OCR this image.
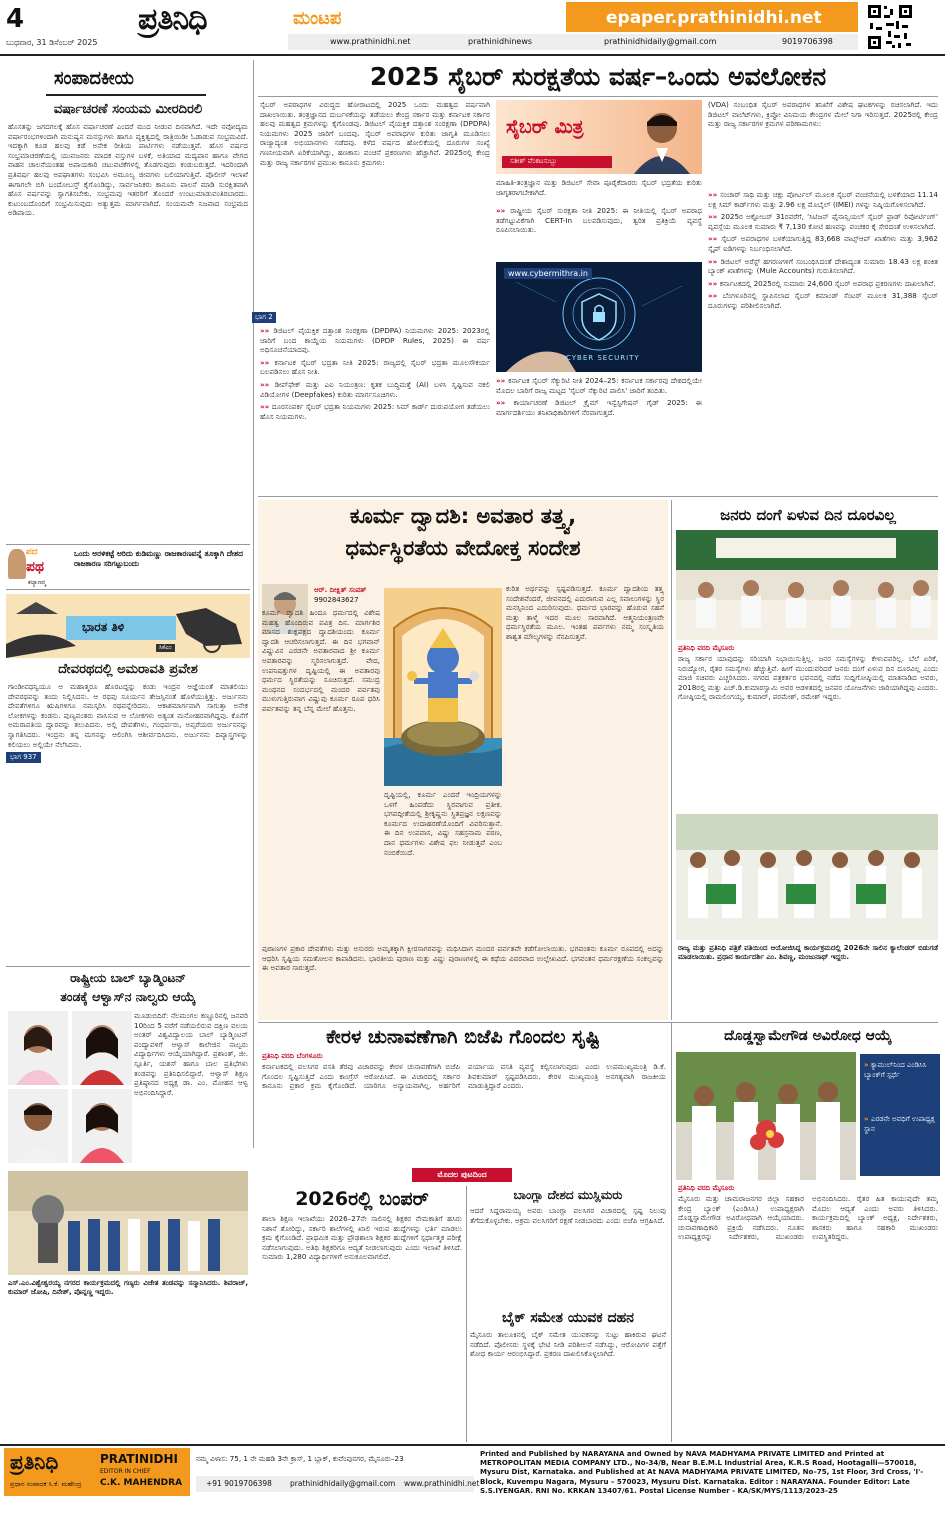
4
ಬುಧವಾರ, 31 ಡಿಸೆಂಬರ್ 2025
ಪ್ರತಿನಿಧಿ	ಮಂಟಪ
www.prathinidhi.net	prathinidhinews	prathinidhidaily@gmail.com	9019706398
epaper.prathinidhi.net
ಸಂಪಾದಕೀಯ
ವರ್ಷಾಚರಣೆ ಸಂಯಮ ಮೀರದಿರಲಿ
ಹೊಸತನ್ನು ಜಗದಗಲಕ್ಕೆ ಹೊಸ ವರ್ಷಾಚರಣೆ ಎಂದರೆ ಮುದ ನೀಡುವ ದಿನವಾಗಿದೆ. ಇದೇ ನವೋದ್ಯಮ ವರ್ಷಾರಂಭಗಳಿಂದಾಗಿ ಮನುಷ್ಯನ ಮನಸ್ಸುಗಳು ಹಾಗೂ ವ್ಯಕ್ತಿತ್ವದಲ್ಲಿ ರಾತ್ರಿಯಿಡೀ ಓಡಾಡುವ ಸಂಭ್ರಮವಿದೆ. ಇದಕ್ಕಾಗಿ ಕೂಡ ಹಲವು ಕಡೆ ಅನೇಕ ರೀತಿಯ ಪಾರ್ಟಿಗಳು ನಡೆಯುತ್ತವೆ. ಹೊಸ ವರ್ಷದ ಸಂಭ್ರಮಾಚರಣೆಯಲ್ಲಿ ಯುವಜನರು ಮಾದಕ ವಸ್ತುಗಳ ಬಳಕೆ, ಅತಿಯಾದ ಮದ್ಯಪಾನ ಹಾಗೂ ವೇಗದ ವಾಹನ ಚಾಲನೆಯಂತಹ ಅಪಾಯಕಾರಿ ಚಟುವಟಿಕೆಗಳಲ್ಲಿ ತೊಡಗುವುದು ಕಂಡುಬರುತ್ತದೆ. ಇದರಿಂದಾಗಿ ಪ್ರತಿವರ್ಷ ಹಲವು ಅಪಘಾತಗಳು ಸಂಭವಿಸಿ ಅಮೂಲ್ಯ ಜೀವಗಳು ಬಲಿಯಾಗುತ್ತಿವೆ. ಪೊಲೀಸ್ ಇಲಾಖೆ ಈಗಾಗಲೇ ಬಿಗಿ ಬಂದೋಬಸ್ತ್ ಕೈಗೊಂಡಿದ್ದು, ಸಾರ್ವಜನಿಕರು ಕಾನೂನು ಪಾಲನೆ ಮಾಡಿ ಸುರಕ್ಷಿತವಾಗಿ ಹೊಸ ವರ್ಷವನ್ನು ಸ್ವಾಗತಿಸಬೇಕು. ಸಂಭ್ರಮವು ಇತರರಿಗೆ ತೊಂದರೆ ಉಂಟುಮಾಡುವಂತಿರಬಾರದು. ಕುಟುಂಬದೊಂದಿಗೆ ಸಂಭ್ರಮಿಸುವುದು ಅತ್ಯುತ್ತಮ ಮಾರ್ಗವಾಗಿದೆ. ಸಂಯಮವೇ ನಿಜವಾದ ಸಂಭ್ರಮದ ಅಡಿಪಾಯ.
ಪದ
ಪಥ
ಕಲ್ಯಾಣನ್ಮ
ಒಂದು ಅರಳಿಕಟ್ಟೆ ಅರಿದು ಕುಡಿಮಣ್ಣು ರಾಜಕಾರಣವನ್ನೆ ತೂಕ್ಕಾಗಿ ದೇಶದ ರಾಜಕಾರಣ ಸರಿಗಟ್ಟುಬಂದು
ಭಾರತ ತಿಳಿ
ಸಿಕೆಎಂ
ದೇವರಥದಲ್ಲಿ ಅಮರಾವತಿ ಪ್ರವೇಶ
ಭಾಗ 937
ಗಾಂಡೀವಧನ್ವಿಯೂ ಆ ಮಹಾತ್ಮರೂ ಹೊರಟದ್ದನ್ನು ಕಂಡು ಇಂದ್ರನ ಆಜ್ಞೆಯಂತೆ ಮಾತಲಿಯು ದೇವರಥವನ್ನು ತಂದು ನಿಲ್ಲಿಸಿದನು. ಆ ರಥವು ಸೂರ್ಯನ ತೇಜಸ್ಸಿನಂತೆ ಹೊಳೆಯುತ್ತಿತ್ತು. ಅರ್ಜುನನು ದೇವತೆಗಳಿಗೂ ಋಷಿಗಳಿಗೂ ನಮಸ್ಕರಿಸಿ ರಥವನ್ನೇರಿದನು. ಆಕಾಶಮಾರ್ಗವಾಗಿ ಸಾಗುತ್ತಾ ಅನೇಕ ಲೋಕಗಳನ್ನು ಕಂಡನು. ಪುಣ್ಯವಂತರು ವಾಸಿಸುವ ಆ ಲೋಕಗಳು ಅತ್ಯಂತ ಮನೋಹರವಾಗಿದ್ದವು. ಕೊನೆಗೆ ಅಮರಾವತಿಯ ದ್ವಾರವನ್ನು ತಲುಪಿದನು. ಅಲ್ಲಿ ದೇವತೆಗಳು, ಗಂಧರ್ವರು, ಅಪ್ಸರೆಯರು ಅರ್ಜುನನನ್ನು ಸ್ವಾಗತಿಸಿದರು. ಇಂದ್ರನು ತನ್ನ ಮಗನನ್ನು ಆಲಿಂಗಿಸಿ ಆಶೀರ್ವದಿಸಿದನು. ಅರ್ಜುನನು ದಿವ್ಯಾಸ್ತ್ರಗಳನ್ನು ಕಲಿಯಲು ಅಲ್ಲಿಯೇ ನೆಲೆಸಿದನು.
ರಾಷ್ಟ್ರೀಯ ಬಾಲ್ ಬ್ಯಾಡ್ಮಿಂಟನ್
ತಂಡಕ್ಕೆ ಆಳ್ವಾಸ್‌ನ ನಾಲ್ವರು ಆಯ್ಕೆ
ಮೂಡುಬಿದಿರೆ: ನೆಲಮಂಗಲ ಕಣ್ಣೂರಿನಲ್ಲಿ ಜನವರಿ 10ರಿಂದ 5 ವರೆಗೆ ನಡೆಯಲಿರುವ ದಕ್ಷಿಣ ವಲಯ ಅಂತರ್ ವಿಶ್ವವಿದ್ಯಾಲಯ ಬಾಲ್ ಬ್ಯಾಡ್ಮಿಂಟನ್ ಪಂದ್ಯಾವಳಿಗೆ ಆಳ್ವಾಸ್ ಕಾಲೇಜಿನ ನಾಲ್ವರು ವಿದ್ಯಾರ್ಥಿಗಳು ಆಯ್ಕೆಯಾಗಿದ್ದಾರೆ. ಪ್ರಶಾಂತ್, ಜೀ. ಸ್ಪೂರ್ತಿ, ಯಶಸ್ ಹಾಗೂ ಬಾಲ ಪ್ರತಿಭೆಗಳು ತಂಡವನ್ನು ಪ್ರತಿನಿಧಿಸಲಿದ್ದಾರೆ. ಆಳ್ವಾಸ್ ಶಿಕ್ಷಣ ಪ್ರತಿಷ್ಠಾನದ ಅಧ್ಯಕ್ಷ ಡಾ. ಎಂ. ಮೋಹನ ಆಳ್ವ ಅಭಿನಂದಿಸಿದ್ದಾರೆ.
ಎಸ್.ಎಂ.ವಿಶ್ವೇಶ್ವರಯ್ಯ ನಗರದ ಕಾರ್ಯಕ್ರಮದಲ್ಲಿ ಗಣ್ಯರು ವಿಜೇತ ತಂಡವನ್ನು ಸನ್ಮಾನಿಸಿದರು. ಶಿವರಾಜ್, ಕುಮಾರ್ ಜೋಷಿ, ದಿನೇಶ್, ಪೊನ್ನಣ್ಣ ಇದ್ದರು.
2025 ಸೈಬರ್ ಸುರಕ್ಷತೆಯ ವರ್ಷ–ಒಂದು ಅವಲೋಕನ
ಸೈಬರ್ ಅಪರಾಧಗಳ ವಿರುದ್ಧದ ಹೋರಾಟದಲ್ಲಿ 2025 ಒಂದು ಮಹತ್ವದ ವರ್ಷವಾಗಿ ದಾಖಲಾಯಿತು. ತಂತ್ರಜ್ಞಾನದ ದುರ್ಬಳಕೆಯನ್ನು ತಡೆಯಲು ಕೇಂದ್ರ ಸರ್ಕಾರ ಮತ್ತು ಕರ್ನಾಟಕ ಸರ್ಕಾರ ಹಲವು ಮಹತ್ವದ ಕ್ರಮಗಳನ್ನು ಕೈಗೊಂಡವು. ಡಿಜಿಟಲ್ ವೈಯಕ್ತಿಕ ದತ್ತಾಂಶ ಸಂರಕ್ಷಣಾ (DPDPA) ನಿಯಮಗಳು 2025 ಜಾರಿಗೆ ಬಂದವು. ಸೈಬರ್ ಅಪರಾಧಗಳ ಕುರಿತು ಜಾಗೃತಿ ಮೂಡಿಸಲು ರಾಜ್ಯಾದ್ಯಂತ ಅಭಿಯಾನಗಳು ನಡೆದವು. ಕಳೆದ ವರ್ಷದ ಹೋಲಿಕೆಯಲ್ಲಿ ದೂರುಗಳ ಸಂಖ್ಯೆ ಗಣನೀಯವಾಗಿ ಏರಿಕೆಯಾಗಿದ್ದು, ಹಣಕಾಸು ವಂಚನೆ ಪ್ರಕರಣಗಳು ಹೆಚ್ಚಾಗಿವೆ. 2025ರಲ್ಲಿ ಕೇಂದ್ರ ಮತ್ತು ರಾಜ್ಯ ಸರ್ಕಾರಗಳ ಪ್ರಮುಖ ಕಾನೂನು ಕ್ರಮಗಳು:
»» ಡಿಜಿಟಲ್ ವೈಯಕ್ತಿಕ ದತ್ತಾಂಶ ಸಂರಕ್ಷಣಾ (DPDPA) ನಿಯಮಗಳು 2025: 2023ರಲ್ಲಿ ಜಾರಿಗೆ ಬಂದ ಕಾಯ್ದೆಯ ನಿಯಮಗಳು (DPDP Rules, 2025) ಈ ವರ್ಷ ಅಧಿಸೂಚನೆಯಾದವು.
»» ಕರ್ನಾಟಕ ಸೈಬರ್ ಭದ್ರತಾ ನೀತಿ 2025: ರಾಜ್ಯದಲ್ಲಿ ಸೈಬರ್ ಭದ್ರತಾ ಮೂಲಸೌಕರ್ಯ ಬಲಪಡಿಸಲು ಹೊಸ ನೀತಿ.
»» ಡೀಪ್‌ಫೇಕ್ ಮತ್ತು ಎಐ ನಿಯಂತ್ರಣ: ಕೃತಕ ಬುದ್ಧಿಮತ್ತೆ (AI) ಬಳಸಿ ಸೃಷ್ಟಿಸುವ ನಕಲಿ ವಿಡಿಯೋಗಳ (Deepfakes) ಕುರಿತು ಮಾರ್ಗಸೂಚಿಗಳು.
»» ದೂರಸಂಪರ್ಕ ಸೈಬರ್ ಭದ್ರತಾ ನಿಯಮಗಳು 2025: ಸಿಮ್ ಕಾರ್ಡ್ ದುರುಪಯೋಗ ತಡೆಯಲು ಹೊಸ ನಿಯಮಗಳು.
ಭಾಗ 2
ಸೈಬರ್ ಮಿತ್ರ
ಸತೀಶ್ ವೆಂಕಟಸುಬ್ಬು
ಮಾಹಿತಿ-ತಂತ್ರಜ್ಞಾನ ಮತ್ತು ಡಿಜಿಟಲ್ ಸೇವಾ ಪೂರೈಕೆದಾರರು ಸೈಬರ್ ಭದ್ರತೆಯ ಕುರಿತು ಜಾಗೃತರಾಗಬೇಕಾಗಿದೆ.
»» ರಾಷ್ಟ್ರೀಯ ಸೈಬರ್ ಸುರಕ್ಷತಾ ನೀತಿ 2025: ಈ ನೀತಿಯಲ್ಲಿ ಸೈಬರ್ ಅಪರಾಧ ತಡೆಗಟ್ಟುವಿಕೆಗಾಗಿ CERT-In ಬಲಪಡಿಸುವುದು, ತ್ವರಿತ ಪ್ರತಿಕ್ರಿಯೆ ವ್ಯವಸ್ಥೆ ರೂಪಿಸಲಾಯಿತು.
www.cybermithra.in
CYBER SECURITY
»» ಕರ್ನಾಟಕ ಸೈಬರ್ ಸೆಕ್ಯುರಿಟಿ ನೀತಿ 2024–25: ಕರ್ನಾಟಕ ಸರ್ಕಾರವು ದೇಶದಲ್ಲಿಯೇ ಮೊದಲ ಬಾರಿಗೆ ರಾಜ್ಯ ಮಟ್ಟದ 'ಸೈಬರ್ ಸೆಕ್ಯುರಿಟಿ ಪಾಲಿಸಿ' ಜಾರಿಗೆ ತಂದಿತು.
»» ಕಾರ್ಯಾಚರಣೆ ಡಿಜಿಟಲ್ ಕ್ರೈಮ್ ಇನ್ವೆಸ್ಟಿಗೇಷನ್ ಗೈಡ್ 2025: ಈ ಮಾರ್ಗದರ್ಶಿಯು ತನಿಖಾಧಿಕಾರಿಗಳಿಗೆ ನೆರವಾಗುತ್ತದೆ.
(VDA) ಸಂಬಂಧಿತ ಸೈಬರ್ ಅಪರಾಧಗಳ ತನಿಖೆಗೆ ವಿಶೇಷ ಘಟಕಗಳನ್ನು ರಚಿಸಲಾಗಿದೆ. ಇದು ಡಿಜಿಟಲ್ ವಾಲೆಟ್‌ಗಳು, ಕ್ರಿಪ್ಟೋ ವಿನಿಮಯ ಕೇಂದ್ರಗಳ ಮೇಲೆ ನಿಗಾ ಇರಿಸುತ್ತದೆ. 2025ರಲ್ಲಿ ಕೇಂದ್ರ ಮತ್ತು ರಾಜ್ಯ ಸರ್ಕಾರಗಳ ಕ್ರಮಗಳ ಪರಿಣಾಮಗಳು:
»» ಸಂಚಾರ್ ಸಾಥಿ ಮತ್ತು ಚಕ್ಷು ಪೋರ್ಟಲ್ ಮೂಲಕ ಸೈಬರ್ ವಂಚನೆಯಲ್ಲಿ ಬಳಕೆಯಾದ 11.14 ಲಕ್ಷ ಸಿಮ್ ಕಾರ್ಡ್‌ಗಳು ಮತ್ತು 2.96 ಲಕ್ಷ ಮೊಬೈಲ್ (IMEI) ಗಳನ್ನು ನಿಷ್ಕ್ರಿಯಗೊಳಿಸಲಾಗಿದೆ.
»» 2025ರ ಅಕ್ಟೋಬರ್ 31ರವರೆಗೆ, 'ಸಿಟಿಜನ್ ಫೈನಾನ್ಷಿಯಲ್ ಸೈಬರ್ ಫ್ರಾಡ್ ರಿಪೋರ್ಟಿಂಗ್' ವ್ಯವಸ್ಥೆಯ ಮೂಲಕ ಸುಮಾರು ₹ 7,130 ಕೋಟಿ ಹಣವನ್ನು ವಂಚಕರ ಕೈ ಸೇರದಂತೆ ಉಳಿಸಲಾಗಿದೆ.
»» ಸೈಬರ್ ಅಪರಾಧಗಳ ಬಳಕೆಯಾಗುತ್ತಿದ್ದ 83,668 ವಾಟ್ಸ್ಆಪ್ ಖಾತೆಗಳು ಮತ್ತು 3,962 ಸ್ಕೈಪ್ ಐಡಿಗಳನ್ನು ನಿರ್ಬಂಧಿಸಲಾಗಿದೆ.
»» ಡಿಜಿಟಲ್ ಅರೆಸ್ಟ್ ಹಗರಣಗಳಿಗೆ ಸಂಬಂಧಿಸಿದಂತೆ ದೇಶಾದ್ಯಂತ ಸುಮಾರು 18.43 ಲಕ್ಷ ಶಂಕಿತ ಬ್ಯಾಂಕ್ ಖಾತೆಗಳನ್ನು (Mule Accounts) ಗುರುತಿಸಲಾಗಿದೆ.
»» ಕರ್ನಾಟಕದಲ್ಲಿ 2025ರಲ್ಲಿ ಸುಮಾರು 24,600 ಸೈಬರ್ ಅಪರಾಧ ಪ್ರಕರಣಗಳು ದಾಖಲಾಗಿವೆ.
»» ಬೆಂಗಳೂರಿನಲ್ಲಿ ಸ್ಥಾಪಿಸಲಾದ ಸೈಬರ್ ಕಮಾಂಡ್ ಸೆಂಟರ್ ಮೂಲಕ 31,388 ಸೈಬರ್ ದೂರುಗಳನ್ನು ಪರಿಶೀಲಿಸಲಾಗಿದೆ.
ಕೂರ್ಮ ದ್ವಾದಶಿ: ಅವತಾರ ತತ್ತ್ವ,
ಧರ್ಮಸ್ಥಿರತೆಯ ವೇದೋಕ್ತ ಸಂದೇಶ
ಆರ್. ದೀಕ್ಷಿತ್ ಸಂಪತ್
9902843627
ಕೂರ್ಮ ದ್ವಾದಶಿ ಹಿಂದೂ ಧರ್ಮದಲ್ಲಿ ವಿಶೇಷ ಮಹತ್ವ ಹೊಂದಿರುವ ಪವಿತ್ರ ದಿನ. ಮಾರ್ಗಶಿರ ಮಾಸದ ಶುಕ್ಲಪಕ್ಷದ ದ್ವಾದಶಿಯಂದು ಕೂರ್ಮ ದ್ವಾದಶಿ ಆಚರಿಸಲಾಗುತ್ತದೆ. ಈ ದಿನ ಭಗವಾನ್ ವಿಷ್ಣುವಿನ ಎರಡನೇ ಅವತಾರವಾದ ಶ್ರೀ ಕೂರ್ಮ ಅವತಾರವನ್ನು ಸ್ಮರಿಸಲಾಗುತ್ತದೆ. ವೇದ, ಉಪನಿಷತ್ತುಗಳ ದೃಷ್ಟಿಯಲ್ಲಿ ಈ ಅವತಾರವು ಧರ್ಮದ ಸ್ಥಿರತೆಯನ್ನು ಸೂಚಿಸುತ್ತದೆ. ಸಮುದ್ರ ಮಂಥನದ ಸಂದರ್ಭದಲ್ಲಿ ಮಂದರ ಪರ್ವತವು ಮುಳುಗುತ್ತಿರುವಾಗ ವಿಷ್ಣುವು ಕೂರ್ಮ ರೂಪ ಧರಿಸಿ ಪರ್ವತವನ್ನು ತನ್ನ ಬೆನ್ನ ಮೇಲೆ ಹೊತ್ತನು.
ದೃಷ್ಟಿಯಲ್ಲಿ, ಕೂರ್ಮ ಎಂದರೆ ಇಂದ್ರಿಯಗಳನ್ನು ಒಳಗೆ ಹಿಂಪಡೆದು ಸ್ಥಿರವಾಗುವ ಪ್ರತೀಕ. ಭಗವದ್ಗೀತೆಯಲ್ಲಿ ಶ್ರೀಕೃಷ್ಣನು ಸ್ಥಿತಪ್ರಜ್ಞನ ಲಕ್ಷಣವನ್ನು ಕೂರ್ಮದ ಉದಾಹರಣೆಯೊಂದಿಗೆ ವಿವರಿಸುತ್ತಾನೆ. ಈ ದಿನ ಉಪವಾಸ, ವಿಷ್ಣು ಸಹಸ್ರನಾಮ ಪಠಣ, ದಾನ ಧರ್ಮಗಳು ವಿಶೇಷ ಫಲ ನೀಡುತ್ತವೆ ಎಂಬ ನಂಬಿಕೆಯಿದೆ.
ಕುರಿತ ಅರ್ಥವನ್ನು ಸ್ಪಷ್ಟಪಡಿಸುತ್ತದೆ. ಕೂರ್ಮ ದ್ವಾದಶಿಯ ತತ್ತ್ವ ಸಂದೇಶವೆಂದರೆ, ಜೀವನದಲ್ಲಿ ಎದುರಾಗುವ ಎಲ್ಲ ಸವಾಲುಗಳನ್ನು ಸ್ಥಿರ ಮನಸ್ಸಿನಿಂದ ಎದುರಿಸುವುದು. ಧರ್ಮದ ಭಾರವನ್ನು ಹೊರುವ ಸಹನೆ ಮತ್ತು ತಾಳ್ಮೆ ಇದರ ಮೂಲ ಸಾರವಾಗಿದೆ. ಆತ್ಮನಿಯಂತ್ರಣವೇ ಧರ್ಮಸ್ಥಿರತೆಯ ಮೂಲ. ಇಂತಹ ಪರ್ವಗಳು ನಮ್ಮ ಸಂಸ್ಕೃತಿಯ ಶಾಶ್ವತ ಮೌಲ್ಯಗಳನ್ನು ನೆನಪಿಸುತ್ತವೆ.
ಪುರಾಣಗಳ ಪ್ರಕಾರ ದೇವತೆಗಳು ಮತ್ತು ಅಸುರರು ಅಮೃತಕ್ಕಾಗಿ ಕ್ಷೀರಸಾಗರವನ್ನು ಮಥಿಸಿದಾಗ ಮಂದರ ಪರ್ವತವೇ ಕಡೆಗೋಲಾಯಿತು. ಭಗವಂತನು ಕೂರ್ಮ ರೂಪದಲ್ಲಿ ಅದನ್ನು ಆಧರಿಸಿ ಸೃಷ್ಟಿಯ ಸಮತೋಲನ ಕಾಪಾಡಿದನು. ಭಾರತೀಯ ಪುರಾಣ ಮತ್ತು ವಿಷ್ಣು ಪುರಾಣಗಳಲ್ಲಿ ಈ ಕಥೆಯ ವಿವರವಾದ ಉಲ್ಲೇಖವಿದೆ. ಭಗವಂತನ ಧರ್ಮರಕ್ಷಣೆಯ ಸಂಕಲ್ಪವನ್ನು ಈ ಅವತಾರ ಸಾರುತ್ತದೆ.
ಜನರು ದಂಗೆ ಏಳುವ ದಿನ ದೂರವಿಲ್ಲ
ಪ್ರತಿನಿಧಿ ವರದಿ ಮೈಸೂರು
ರಾಜ್ಯ ಸರ್ಕಾರ ಯಾವುದನ್ನು ಸರಿಯಾಗಿ ನಿಭಾಯಿಸುತ್ತಿಲ್ಲ. ಜನರ ಸಮಸ್ಯೆಗಳನ್ನು ಕೇಳುವವರಿಲ್ಲ. ಬೆಲೆ ಏರಿಕೆ, ನಿರುದ್ಯೋಗ, ರೈತರ ಸಮಸ್ಯೆಗಳು ಹೆಚ್ಚುತ್ತಿವೆ. ಹೀಗೆ ಮುಂದುವರಿದರೆ ಜನರು ದಂಗೆ ಏಳುವ ದಿನ ದೂರವಿಲ್ಲ ಎಂದು ಮಾಜಿ ಸಚಿವರು ಎಚ್ಚರಿಸಿದರು. ನಗರದ ಪತ್ರಕರ್ತರ ಭವನದಲ್ಲಿ ನಡೆದ ಸುದ್ದಿಗೋಷ್ಠಿಯಲ್ಲಿ ಮಾತನಾಡಿದ ಅವರು, 2018ರಲ್ಲಿ ಮತ್ತು ಎಚ್.ಡಿ.ಕುಮಾರಸ್ವಾಮಿ ಅವರ ಆಡಳಿತದಲ್ಲಿ ಜನಪರ ಯೋಜನೆಗಳು ಜಾರಿಯಾಗಿದ್ದವು ಎಂದರು. ಗೋಷ್ಠಿಯಲ್ಲಿ ರಾಮಲಿಂಗಯ್ಯ, ಕುಮಾರ್, ಪರಮೇಶ್, ರಮೇಶ್ ಇದ್ದರು.
ರಾಜ್ಯ ಮತ್ತು ಪ್ರತಿನಿಧಿ ಪತ್ರಿಕೆ ವತಿಯಿಂದ ಆಯೋಜಿಸಿದ್ದ ಕಾರ್ಯಕ್ರಮದಲ್ಲಿ 2026ನೇ ಸಾಲಿನ ಕ್ಯಾಲೆಂಡರ್ ಬಿಡುಗಡೆ ಮಾಡಲಾಯಿತು. ಪ್ರಧಾನ ಕಾರ್ಯದರ್ಶಿ ಎಂ. ಶಿವಣ್ಣ, ಮಂಜುನಾಥ್ ಇದ್ದರು.
ಕೇರಳ ಚುನಾವಣೆಗಾಗಿ ಬಿಜೆಪಿ ಗೊಂದಲ ಸೃಷ್ಟಿ
ಪ್ರತಿನಿಧಿ ವರದಿ ಬೆಂಗಳೂರು
ಕರ್ನಾಟಕದಲ್ಲಿ ವಲಸಿಗರ ವಸತಿ ತೆರವು ವಿಚಾರವನ್ನು ಕೇರಳ ಚುನಾವಣೆಗಾಗಿ ಬಿಜೆಪಿ ಗೊಂದಲ ಸೃಷ್ಟಿಸುತ್ತಿದೆ ಎಂದು ಕಾಂಗ್ರೆಸ್ ಆರೋಪಿಸಿದೆ. ಈ ವಿಚಾರದಲ್ಲಿ ಸರ್ಕಾರ ಕಾನೂನು ಪ್ರಕಾರ ಕ್ರಮ ಕೈಗೊಂಡಿದೆ. ಯಾರಿಗೂ ಅನ್ಯಾಯವಾಗಿಲ್ಲ. ಅರ್ಹರಿಗೆ ಪರ್ಯಾಯ ವಸತಿ ವ್ಯವಸ್ಥೆ ಕಲ್ಪಿಸಲಾಗುವುದು ಎಂದು ಉಪಮುಖ್ಯಮಂತ್ರಿ ಡಿ.ಕೆ. ಶಿವಕುಮಾರ್ ಸ್ಪಷ್ಟಪಡಿಸಿದರು. ಕೇರಳ ಮುಖ್ಯಮಂತ್ರಿ ಅನಗತ್ಯವಾಗಿ ರಾಜಕೀಯ ಮಾಡುತ್ತಿದ್ದಾರೆ ಎಂದರು.
ಮೊದಲ ಪುಟದಿಂದ
2026ರಲ್ಲಿ ಬಂಪರ್
ಶಾಲಾ ಶಿಕ್ಷಣ ಇಲಾಖೆಯು 2026–27ನೇ ಸಾಲಿನಲ್ಲಿ ಶಿಕ್ಷಕರ ನೇಮಕಾತಿಗೆ ಹಸಿರು ನಿಶಾನೆ ತೋರಿದ್ದು, ಸರ್ಕಾರಿ ಶಾಲೆಗಳಲ್ಲಿ ಖಾಲಿ ಇರುವ ಹುದ್ದೆಗಳನ್ನು ಭರ್ತಿ ಮಾಡಲು ಕ್ರಮ ಕೈಗೊಂಡಿದೆ. ಪ್ರಾಥಮಿಕ ಮತ್ತು ಪ್ರೌಢಶಾಲಾ ಶಿಕ್ಷಕರ ಹುದ್ದೆಗಳಿಗೆ ಸ್ಪರ್ಧಾತ್ಮಕ ಪರೀಕ್ಷೆ ನಡೆಸಲಾಗುವುದು. ಅತಿಥಿ ಶಿಕ್ಷಕರಿಗೂ ಆದ್ಯತೆ ನೀಡಲಾಗುವುದು ಎಂದು ಇಲಾಖೆ ತಿಳಿಸಿದೆ. ಸುಮಾರು 1,280 ವಿದ್ಯಾರ್ಥಿಗಳಿಗೆ ಅನುಕೂಲವಾಗಲಿದೆ.
ಬಾಂಗ್ಲಾ ದೇಶದ ಮುಸ್ಲಿಮರು
ಆದರೆ ಸಿದ್ದರಾಮಯ್ಯ ಅವರು ಬಾಂಗ್ಲಾ ವಲಸಿಗರ ವಿಚಾರದಲ್ಲಿ ಸ್ಪಷ್ಟ ನಿಲುವು ತೆಗೆದುಕೊಳ್ಳಬೇಕು. ಅಕ್ರಮ ವಲಸಿಗರಿಗೆ ರಕ್ಷಣೆ ನೀಡಬಾರದು ಎಂದು ಬಿಜೆಪಿ ಆಗ್ರಹಿಸಿದೆ.
ಬೈಕ್ ಸಮೇತ ಯುವಕ ದಹನ
ಮೈಸೂರು ತಾಲೂಕಿನಲ್ಲಿ ಬೈಕ್ ಸಮೇತ ಯುವಕನನ್ನು ಸುಟ್ಟು ಹಾಕಿರುವ ಘಟನೆ ನಡೆದಿದೆ. ಪೊಲೀಸರು ಸ್ಥಳಕ್ಕೆ ಭೇಟಿ ನೀಡಿ ಪರಿಶೀಲನೆ ನಡೆಸಿದ್ದು, ಆರೋಪಿಗಳ ಪತ್ತೆಗೆ ಶೋಧ ಕಾರ್ಯ ಆರಂಭಿಸಿದ್ದಾರೆ. ಪ್ರಕರಣ ದಾಖಲಿಸಿಕೊಳ್ಳಲಾಗಿದೆ.
ದೊಡ್ಡಸ್ವಾಮೇಗೌಡ ಅವಿರೋಧ ಆಯ್ಕೆ
» ಕ್ಯಾಮುಲ್‌ನಿಂದ ಎಂಡಿಸಿಸಿ ಬ್ಯಾಂಕ್‌ಗೆ ಸ್ಪರ್ಧೆ
» ಎರಡನೇ ಅವಧಿಗೆ ಉಪಾಧ್ಯಕ್ಷ ಸ್ಥಾನ
ಪ್ರತಿನಿಧಿ ವರದಿ ಮೈಸೂರು
ಮೈಸೂರು ಮತ್ತು ಚಾಮರಾಜನಗರ ಜಿಲ್ಲಾ ಸಹಕಾರ ಕೇಂದ್ರ ಬ್ಯಾಂಕ್ (ಎಂಡಿಸಿಸಿ) ಉಪಾಧ್ಯಕ್ಷರಾಗಿ ದೊಡ್ಡಸ್ವಾಮೇಗೌಡ ಅವಿರೋಧವಾಗಿ ಆಯ್ಕೆಯಾದರು. ಚುನಾವಣಾಧಿಕಾರಿ ಪ್ರಕ್ರಿಯೆ ನಡೆಸಿದರು. ನೂತನ ಉಪಾಧ್ಯಕ್ಷರನ್ನು ನಿರ್ದೇಶಕರು, ಮುಖಂಡರು ಅಭಿನಂದಿಸಿದರು. ರೈತರ ಹಿತ ಕಾಯುವುದೇ ತಮ್ಮ ಮೊದಲ ಆದ್ಯತೆ ಎಂದು ಅವರು ತಿಳಿಸಿದರು. ಕಾರ್ಯಕ್ರಮದಲ್ಲಿ ಬ್ಯಾಂಕ್ ಅಧ್ಯಕ್ಷ, ನಿರ್ದೇಶಕರು, ಶಾಸಕರು ಹಾಗೂ ಸಹಕಾರಿ ಮುಖಂಡರು ಉಪಸ್ಥಿತರಿದ್ದರು.
ಪ್ರತಿನಿಧಿ	PRATINIDHI
EDITOR IN CHIEF
C.K. MAHENDRA
ಪ್ರಧಾನ ಸಂಪಾದಕ ಸಿ.ಕೆ. ಮಹೇಂದ್ರ
ನಮ್ಮ ವಿಳಾಸ: 75, 1 ನೇ ಮಹಡಿ 3ನೇ ಕ್ರಾಸ್, 1 ಬ್ಲಾಕ್, ಕುವೆಂಪುನಗರ, ಮೈಸೂರು–23
+91 9019706398 prathinidhidaily@gmail.com www.prathinidhi.net
Printed and Published by NARAYANA and Owned by NAVA MADHYAMA PRIVATE LIMITED and Printed at METROPOLITAN MEDIA COMPANY LTD., No-34/B, Near B.E.M.L Industrial Area, K.R.S Road, Hootagalli—570018, Mysuru Dist, Karnataka. and Published at At NAVA MADHYAMA PRIVATE LIMITED, No–75, 1st Floor, 3rd Cross, 'I'- Block, Kuvempu Nagara, Mysuru – 570023, Mysuru Dist. Karnataka. Editor : NARAYANA. Founder Editor: Late S.S.IYENGAR. RNI No. KRKAN 13407/61. Postal License Number - KA/SK/MYS/1113/2023-25
